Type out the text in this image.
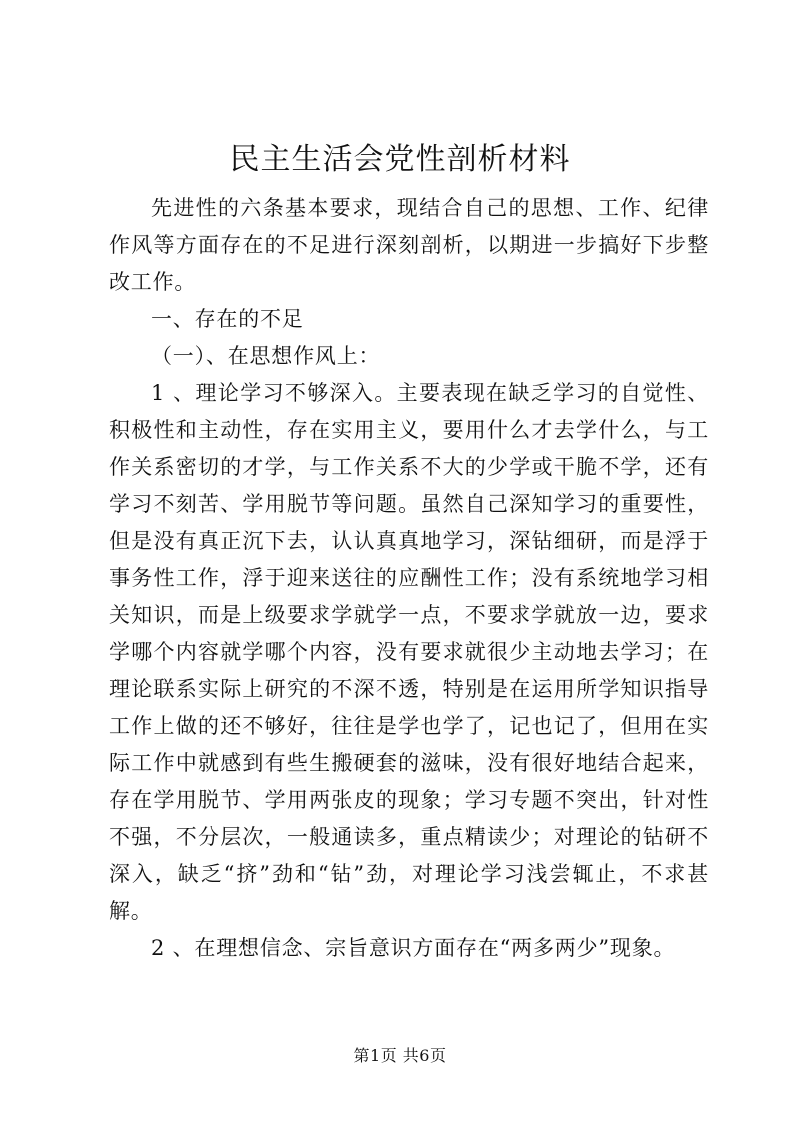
民主生活会党性剖析材料

先进性的六条基本要求，现结合自己的思想、工作、纪律作风等方面存在的不足进行深刻剖析，以期进一步搞好下步整改工作。

一、存在的不足

（一）、在思想作风上：

1 、理论学习不够深入。主要表现在缺乏学习的自觉性、积极性和主动性，存在实用主义，要用什么才去学什么，与工作关系密切的才学，与工作关系不大的少学或干脆不学，还有学习不刻苦、学用脱节等问题。虽然自己深知学习的重要性，但是没有真正沉下去，认认真真地学习，深钻细研，而是浮于事务性工作，浮于迎来送往的应酬性工作；没有系统地学习相关知识，而是上级要求学就学一点，不要求学就放一边，要求学哪个内容就学哪个内容，没有要求就很少主动地去学习；在理论联系实际上研究的不深不透，特别是在运用所学知识指导工作上做的还不够好，往往是学也学了，记也记了，但用在实际工作中就感到有些生搬硬套的滋味，没有很好地结合起来，存在学用脱节、学用两张皮的现象；学习专题不突出，针对性不强，不分层次，一般通读多，重点精读少；对理论的钻研不深入，缺乏“挤”劲和“钻”劲，对理论学习浅尝辄止，不求甚解。

2 、在理想信念、宗旨意识方面存在“两多两少”现象。

第1页 共6页
